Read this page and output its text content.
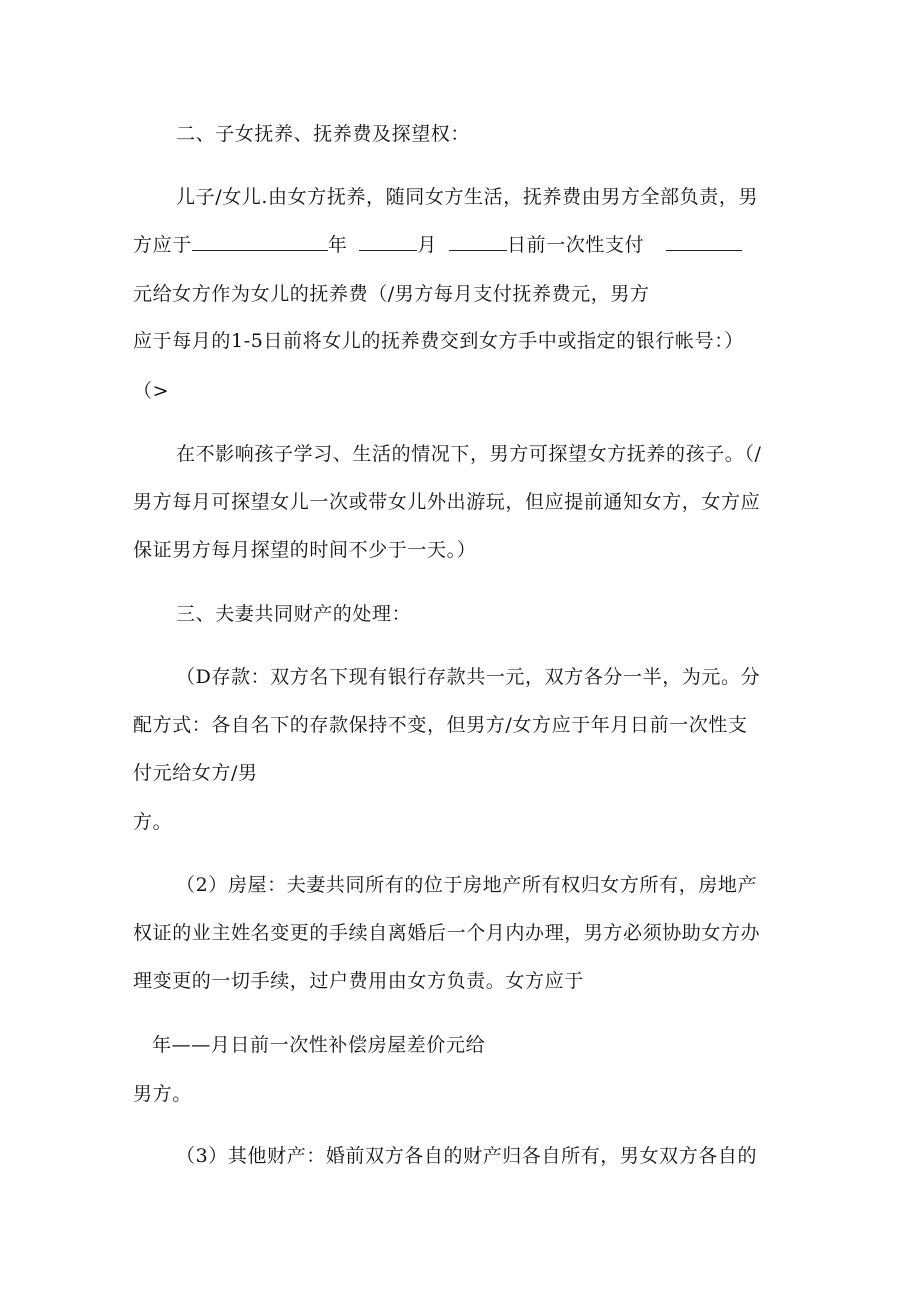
二、子女抚养、抚养费及探望权：
儿子/女儿.由女方抚养，随同女方生活，抚养费由男方全部负责，男
方应于	年	月	日前一次性支付
元给女方作为女儿的抚养费（/男方每月支付抚养费元，男方
应于每月的1-5日前将女儿的抚养费交到女方手中或指定的银行帐号：）
（>
在不影响孩子学习、生活的情况下，男方可探望女方抚养的孩子。（/
男方每月可探望女儿一次或带女儿外出游玩，但应提前通知女方，女方应
保证男方每月探望的时间不少于一天。）
三、夫妻共同财产的处理：
（D存款：双方名下现有银行存款共一元，双方各分一半，为元。分
配方式：各自名下的存款保持不变，但男方/女方应于年月日前一次性支
付元给女方/男
方。
（2）房屋：夫妻共同所有的位于房地产所有权归女方所有，房地产
权证的业主姓名变更的手续自离婚后一个月内办理，男方必须协助女方办
理变更的一切手续，过户费用由女方负责。女方应于
年——月日前一次性补偿房屋差价元给
男方。
（3）其他财产：婚前双方各自的财产归各自所有，男女双方各自的
